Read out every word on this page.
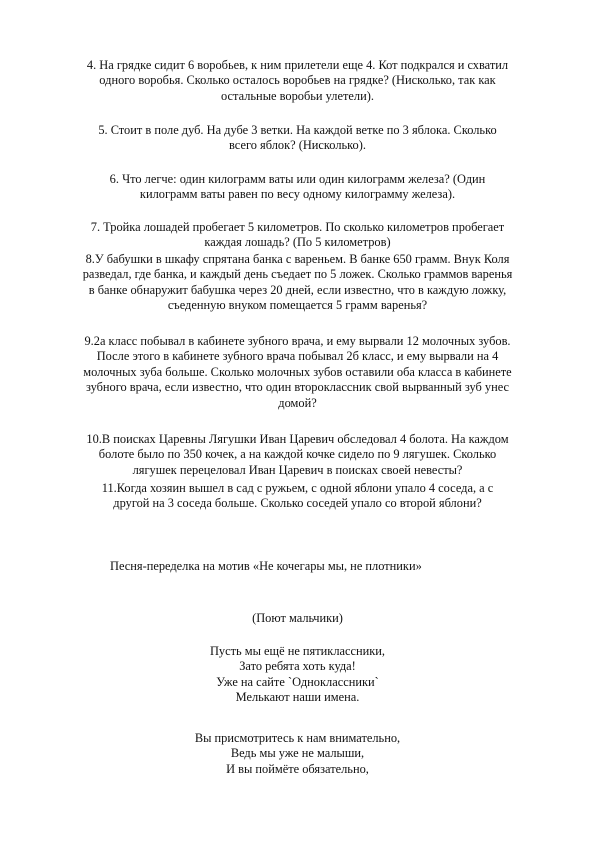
4. На грядке сидит 6 воробьев, к ним прилетели еще 4. Кот подкрался и схватил
одного воробья. Сколько осталось воробьев на грядке? (Нисколько, так как
остальные воробьи улетели).
5. Стоит в поле дуб. На дубе 3 ветки. На каждой ветке по 3 яблока. Сколько
всего яблок? (Нисколько).
6. Что легче: один килограмм ваты или один килограмм железа? (Один
килограмм ваты равен по весу одному килограмму железа).
7. Тройка лошадей пробегает 5 километров. По сколько километров пробегает
каждая лошадь? (По 5 километров)
8.У бабушки в шкафу спрятана банка с вареньем. В банке 650 грамм. Внук Коля
разведал, где банка, и каждый день съедает по 5 ложек. Сколько граммов варенья
в банке обнаружит бабушка через 20 дней, если известно, что в каждую ложку,
съеденную внуком помещается 5 грамм варенья?
9.2а класс побывал в кабинете зубного врача, и ему вырвали 12 молочных зубов.
После этого в кабинете зубного врача побывал 2б класс, и ему вырвали на 4
молочных зуба больше. Сколько молочных зубов оставили оба класса в кабинете
зубного врача, если известно, что один второклассник свой вырванный зуб унес
домой?
10.В поисках Царевны Лягушки Иван Царевич обследовал 4 болота. На каждом
болоте было по 350 кочек, а на каждой кочке сидело по 9 лягушек. Сколько
лягушек перецеловал Иван Царевич в поисках своей невесты?
11.Когда хозяин вышел в сад с ружьем, с одной яблони упало 4 соседа, а с
другой на 3 соседа больше. Сколько соседей упало со второй яблони?
Песня-переделка на мотив «Не кочегары мы, не плотники»
(Поют мальчики)
Пусть мы ещё не пятиклассники,
Зато ребята хоть куда!
Уже на сайте `Одноклассники`
Мелькают наши имена.
Вы присмотритесь к нам внимательно,
Ведь мы уже не малыши,
И вы поймёте обязательно,
